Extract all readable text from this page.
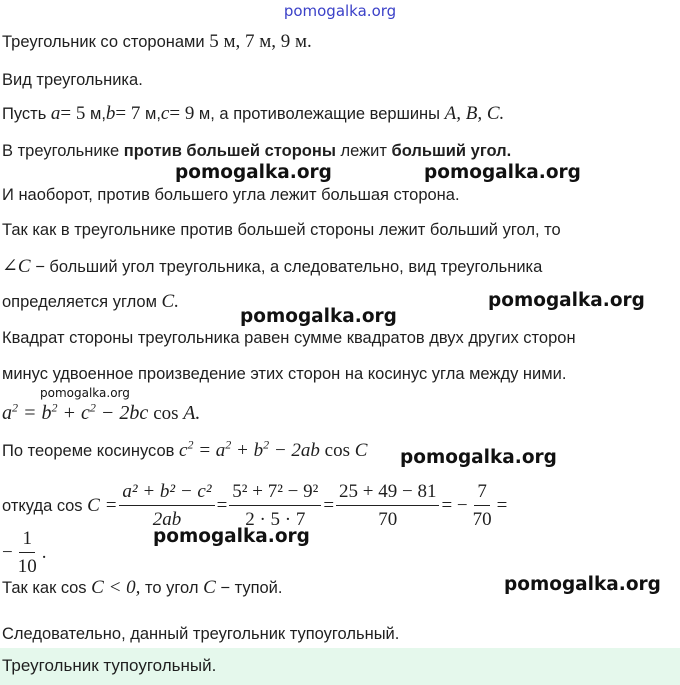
pomogalka.org
Треугольник со сторонами 5 м, 7 м, 9 м.
Вид треугольника.
Пусть a= 5 м,b= 7 м,c= 9 м, а противолежащие вершины A, B, C.
В треугольнике против большей стороны лежит больший угол.
И наоборот, против большего угла лежит большая сторона.
Так как в треугольнике против большей стороны лежит больший угол, то
∠C − больший угол треугольника, а следовательно, вид треугольника
определяется углом C.
Квадрат стороны треугольника равен сумме квадратов двух других сторон
минус удвоенное произведение этих сторон на косинус угла между ними.
$a^2 = b^2 + c^2 - 2bc$ cos A.
По теореме косинусов $c^2 = a^2 + b^2 - 2ab$ cos C
откуда cos
$C = \frac{\text{a² + b² − c²}}{2ab} = \frac{\text{5² + 7² − 9²}}{2 \cdot 5 \cdot 7} = \frac{25 + 49 - 81}{70}$ = − $\frac{7}{70}$ =
− $\frac{1}{10}$ .
Так как cos C < 0, то угол C − тупой.
Следовательно, данный треугольник тупоугольный.
Треугольник тупоугольный.
pomogalka.org	pomogalka.org
pomogalka.org
pomogalka.org
pomogalka.org
pomogalka.org
pomogalka.org
pomogalka.org
